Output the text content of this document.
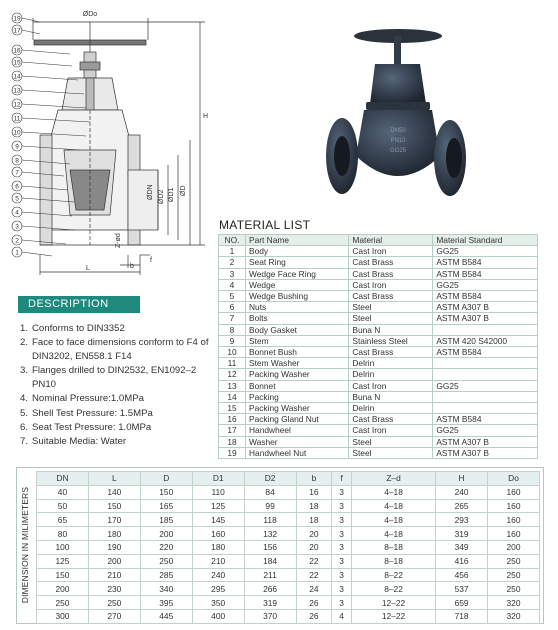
19
17
16
15
14
13
12
11
10
9
8
7
6
5
4
3
2
1
ØDo
H
ØDN ØD2 ØD1 ØD
Z-ød
f
b
L
DN50
PN10
GG25
MATERIAL LIST
NO.	Part Name	Material	Material Standard
1	Body	Cast Iron	GG25
2	Seat Ring	Cast Brass	ASTM B584
3	Wedge Face Ring	Cast Brass	ASTM B584
4	Wedge	Cast Iron	GG25
5	Wedge Bushing	Cast Brass	ASTM B584
6	Nuts	Steel	ASTM A307 B
7	Bolts	Steel	ASTM A307 B
8	Body Gasket	Buna N	
9	Stem	Stainless Steel	ASTM 420 S42000
10	Bonnet Bush	Cast Brass	ASTM B584
11	Stem Washer	Delrin	
12	Packing Washer	Delrin	
13	Bonnet	Cast Iron	GG25
14	Packing	Buna N	
15	Packing Washer	Delrin	
16	Packing Gland Nut	Cast Brass	ASTM B584
17	Handwheel	Cast Iron	GG25
18	Washer	Steel	ASTM A307 B
19	Handwheel Nut	Steel	ASTM A307 B
DESCRIPTION
1. Conforms to DIN3352
2. Face to face dimensions conform to F4 of DIN3202, EN558.1 F14
3. Flanges drilled to DIN2532, EN1092–2 PN10
4. Nominal Pressure:1.0MPa
5. Shell Test Pressure: 1.5MPa
6. Seat Test Pressure: 1.0MPa
7. Suitable Media: Water
DIMENSION IN MILIMETERS
DN	L	D	D1	D2	b	f	Z–d	H	Do
40	140	150	110	84	16	3	4–18	240	160
50	150	165	125	99	18	3	4–18	265	160
65	170	185	145	118	18	3	4–18	293	160
80	180	200	160	132	20	3	4–18	319	160
100	190	220	180	156	20	3	8–18	349	200
125	200	250	210	184	22	3	8–18	416	250
150	210	285	240	211	22	3	8–22	456	250
200	230	340	295	266	24	3	8–22	537	250
250	250	395	350	319	26	3	12–22	659	320
300	270	445	400	370	26	4	12–22	718	320
